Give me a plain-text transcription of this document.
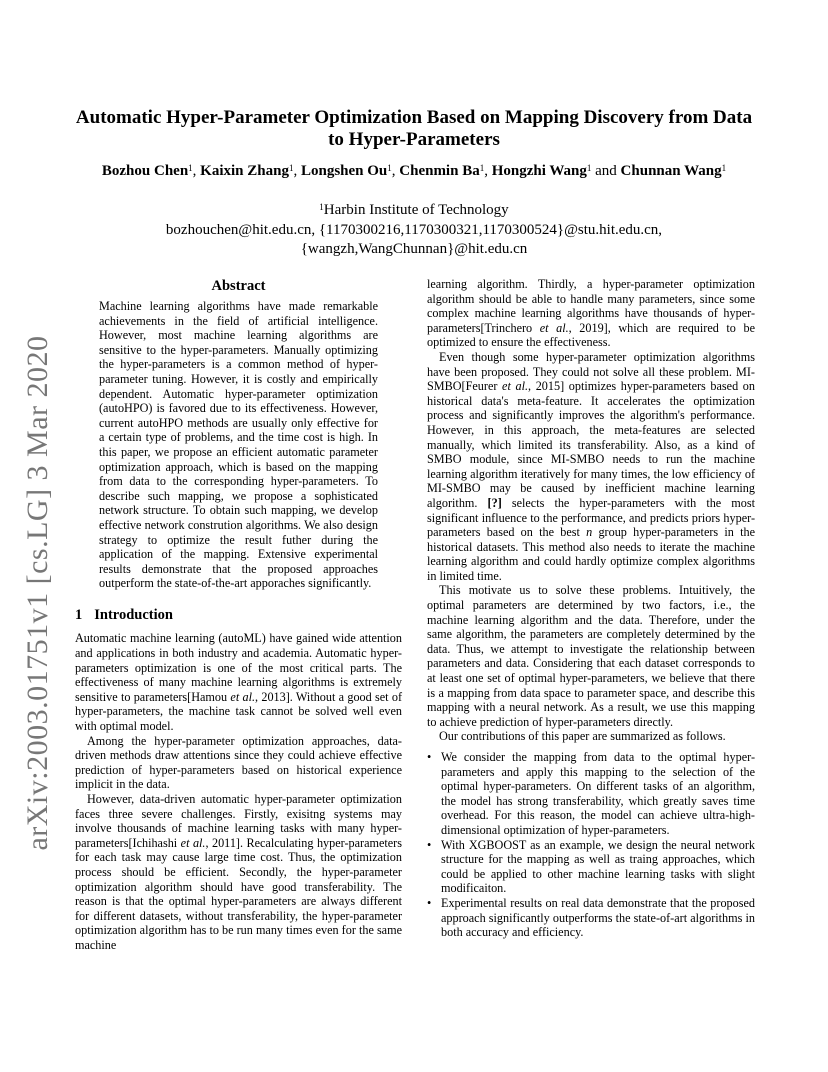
arXiv:2003.01751v1 [cs.LG] 3 Mar 2020
Automatic Hyper-Parameter Optimization Based on Mapping Discovery from Data to Hyper-Parameters
Bozhou Chen$^1$, Kaixin Zhang$^1$, Longshen Ou$^1$, Chenmin Ba$^1$, Hongzhi Wang$^1$ and Chunnan Wang$^1$
$^1$Harbin Institute of Technology
bozhouchen@hit.edu.cn, {1170300216,1170300321,1170300524}@stu.hit.edu.cn,
{wangzh,WangChunnan}@hit.edu.cn
Abstract
Machine learning algorithms have made remarkable achievements in the field of artificial intelligence. However, most machine learning algorithms are sensitive to the hyper-parameters. Manually optimizing the hyper-parameters is a common method of hyper-parameter tuning. However, it is costly and empirically dependent. Automatic hyper-parameter optimization (autoHPO) is favored due to its effectiveness. However, current autoHPO methods are usually only effective for a certain type of problems, and the time cost is high. In this paper, we propose an efficient automatic parameter optimization approach, which is based on the mapping from data to the corresponding hyper-parameters. To describe such mapping, we propose a sophisticated network structure. To obtain such mapping, we develop effective network constrution algorithms. We also design strategy to optimize the result futher during the application of the mapping. Extensive experimental results demonstrate that the proposed approaches outperform the state-of-the-art apporaches significantly.
1 Introduction

Automatic machine learning (autoML) have gained wide attention and applications in both industry and academia. Automatic hyper-parameters optimization is one of the most critical parts. The effectiveness of many machine learning algorithms is extremely sensitive to parameters[Hamou et al., 2013]. Without a good set of hyper-parameters, the machine task cannot be solved well even with optimal model.

Among the hyper-parameter optimization approaches, data-driven methods draw attentions since they could achieve effective prediction of hyper-parameters based on historical experience implicit in the data.

However, data-driven automatic hyper-parameter optimization faces three severe challenges. Firstly, exisitng systems may involve thousands of machine learning tasks with many hyper-parameters[Ichihashi et al., 2011]. Recalculating hyper-parameters for each task may cause large time cost. Thus, the optimization process should be efficient. Secondly, the hyper-parameter optimization algorithm should have good transferability. The reason is that the optimal hyper-parameters are always different for different datasets, without transferability, the hyper-parameter optimization algorithm has to be run many times even for the same machine

learning algorithm. Thirdly, a hyper-parameter optimization algorithm should be able to handle many parameters, since some complex machine learning algorithms have thousands of hyper-parameters[Trinchero et al., 2019], which are required to be optimized to ensure the effectiveness.

Even though some hyper-parameter optimization algorithms have been proposed. They could not solve all these problem. MI-SMBO[Feurer et al., 2015] optimizes hyper-parameters based on historical data's meta-feature. It accelerates the optimization process and significantly improves the algorithm's performance. However, in this approach, the meta-features are selected manually, which limited its transferability. Also, as a kind of SMBO module, since MI-SMBO needs to run the machine learning algorithm iteratively for many times, the low efficiency of MI-SMBO may be caused by inefficient machine learning algorithm. [?] selects the hyper-parameters with the most significant influence to the performance, and predicts priors hyper-parameters based on the best n group hyper-parameters in the historical datasets. This method also needs to iterate the machine learning algorithm and could hardly optimize complex algorithms in limited time.

This motivate us to solve these problems. Intuitively, the optimal parameters are determined by two factors, i.e., the machine learning algorithm and the data. Therefore, under the same algorithm, the parameters are completely determined by the data. Thus, we attempt to investigate the relationship between parameters and data. Considering that each dataset corresponds to at least one set of optimal hyper-parameters, we believe that there is a mapping from data space to parameter space, and describe this mapping with a neural network. As a result, we use this mapping to achieve prediction of hyper-parameters directly.

Our contributions of this paper are summarized as follows.

• We consider the mapping from data to the optimal hyper-parameters and apply this mapping to the selection of the optimal hyper-parameters. On different tasks of an algorithm, the model has strong transferability, which greatly saves time overhead. For this reason, the model can achieve ultra-high-dimensional optimization of hyper-parameters.
• With XGBOOST as an example, we design the neural network structure for the mapping as well as traing approaches, which could be applied to other machine learning tasks with slight modificaiton.
• Experimental results on real data demonstrate that the proposed approach significantly outperforms the state-of-art algorithms in both accuracy and efficiency.
